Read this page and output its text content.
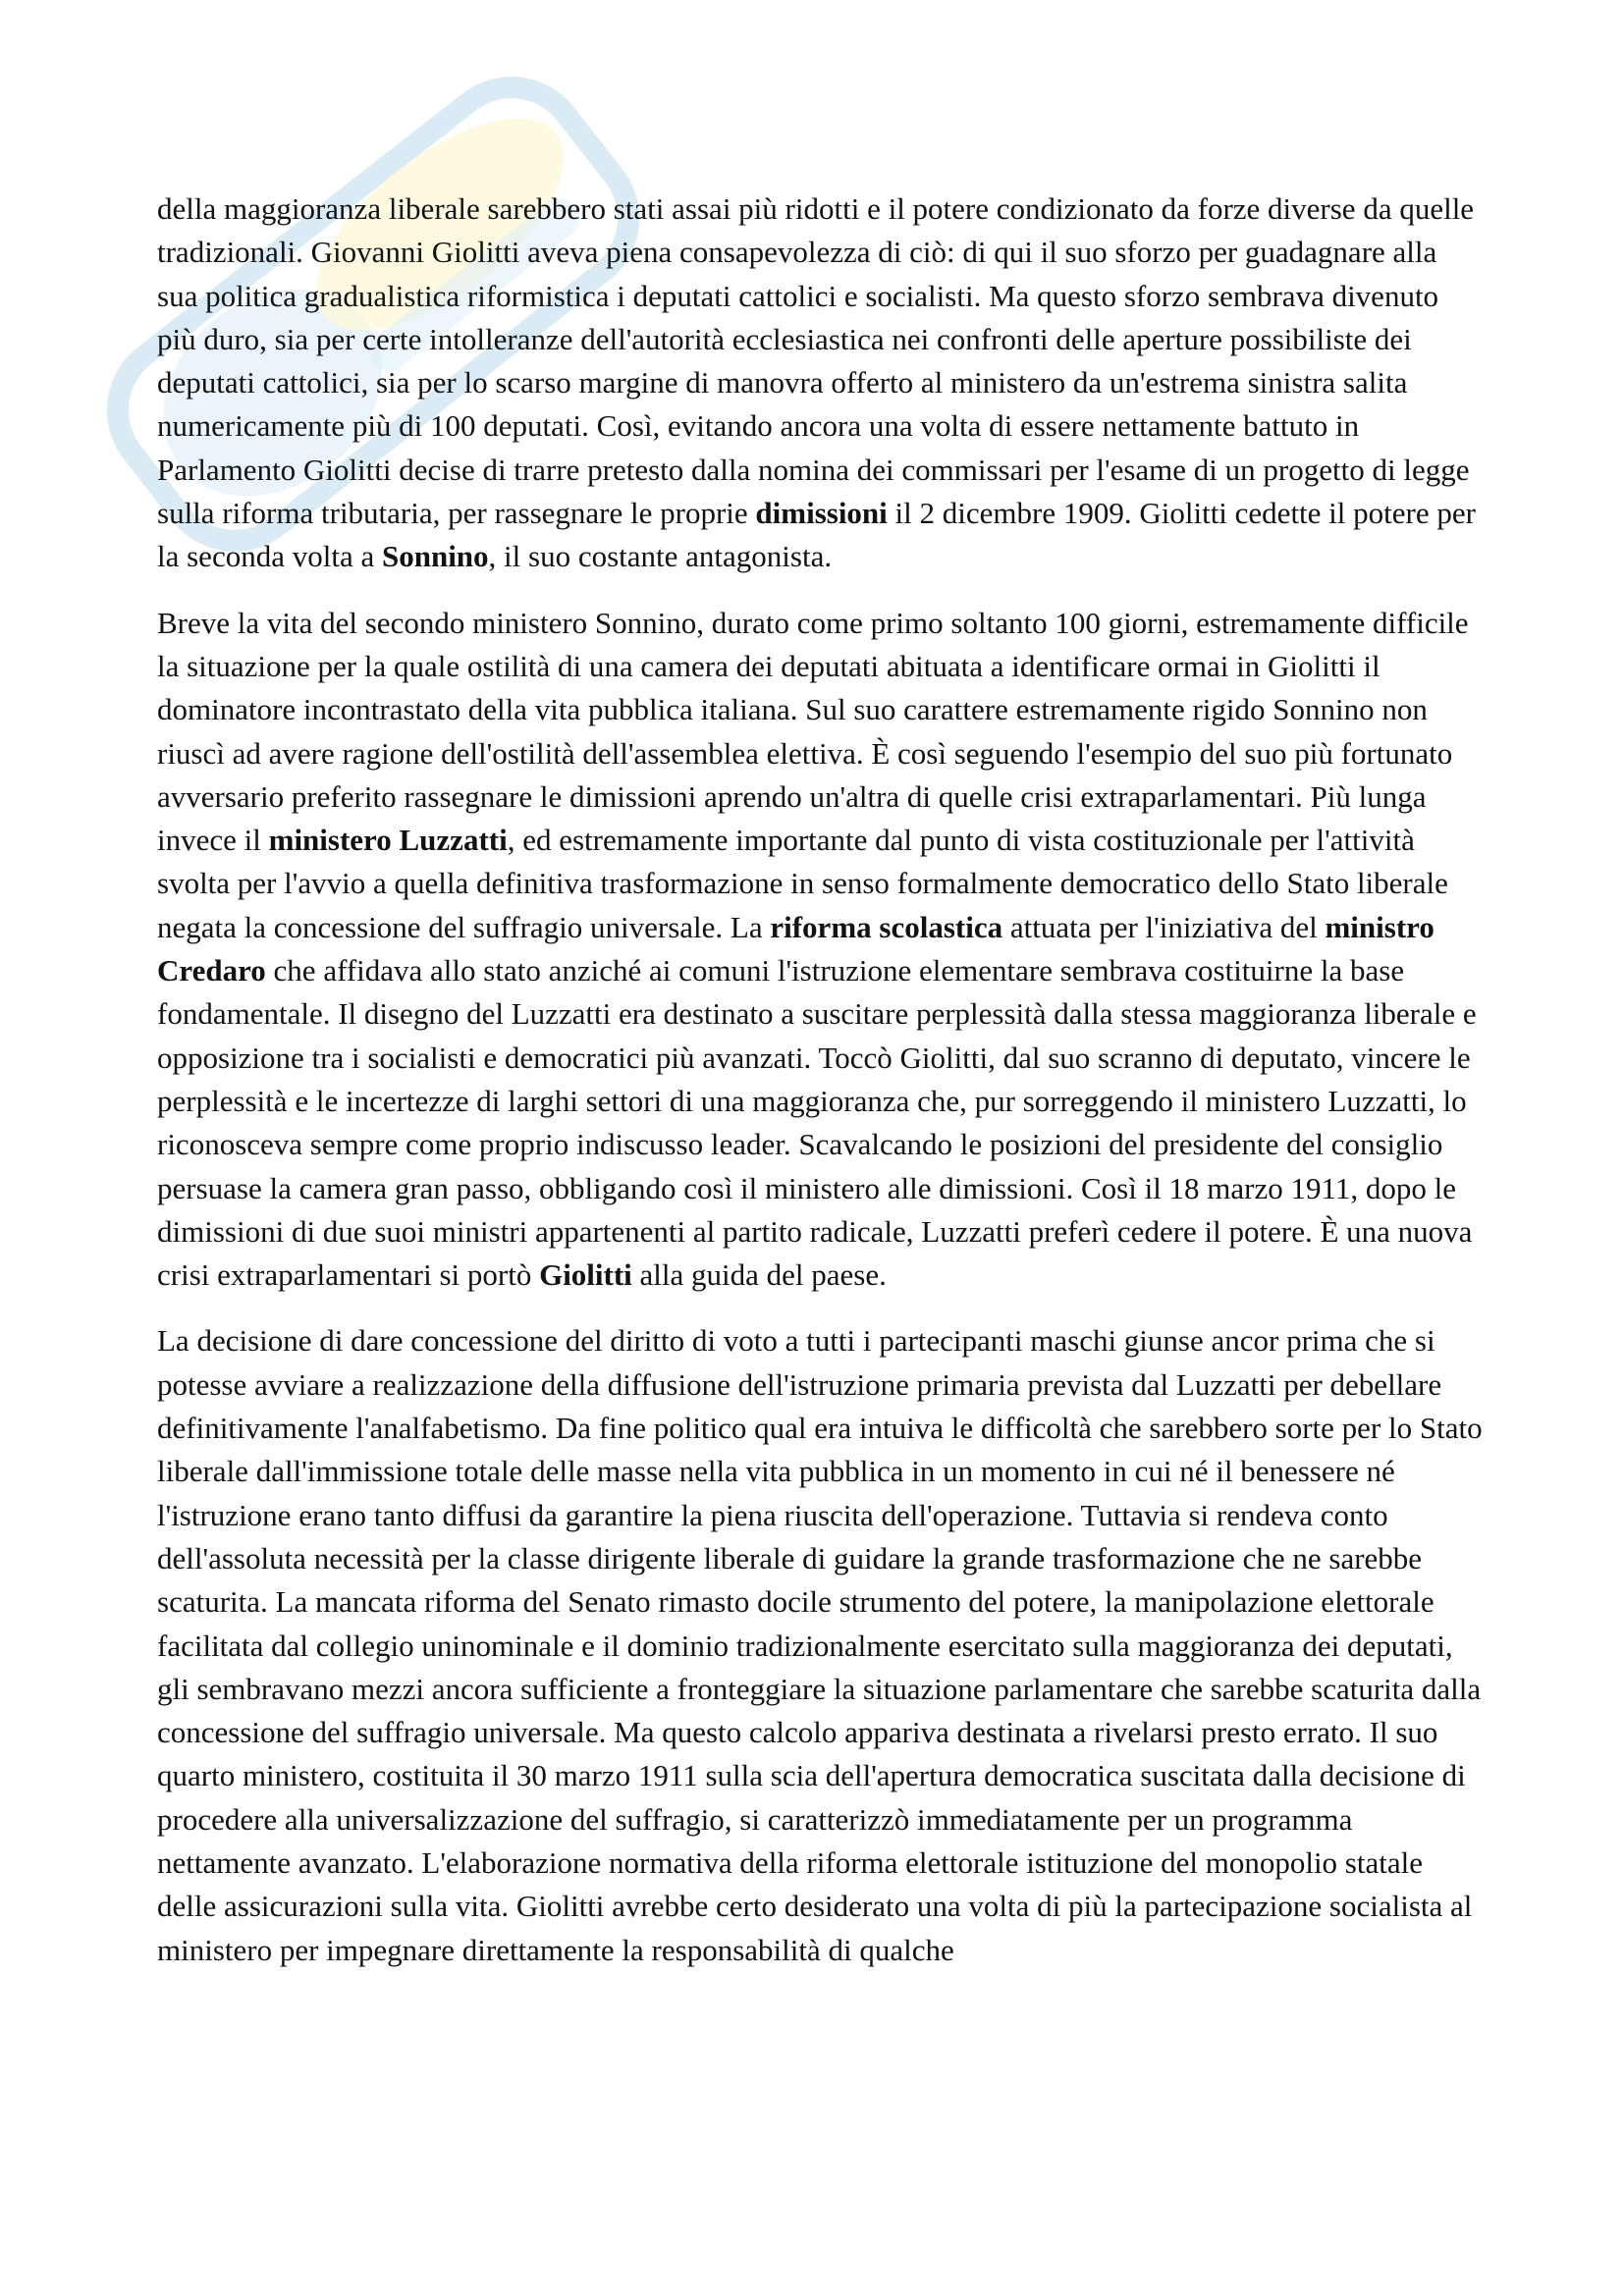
della maggioranza liberale sarebbero stati assai più ridotti e il potere condizionato da forze diverse da quelle tradizionali. Giovanni Giolitti aveva piena consapevolezza di ciò: di qui il suo sforzo per guadagnare alla sua politica gradualistica riformistica i deputati cattolici e socialisti. Ma questo sforzo sembrava divenuto più duro, sia per certe intolleranze dell'autorità ecclesiastica nei confronti delle aperture possibiliste dei deputati cattolici, sia per lo scarso margine di manovra offerto al ministero da un'estrema sinistra salita numericamente più di 100 deputati. Così, evitando ancora una volta di essere nettamente battuto in Parlamento Giolitti decise di trarre pretesto dalla nomina dei commissari per l'esame di un progetto di legge sulla riforma tributaria, per rassegnare le proprie dimissioni il 2 dicembre 1909. Giolitti cedette il potere per la seconda volta a Sonnino, il suo costante antagonista.

Breve la vita del secondo ministero Sonnino, durato come primo soltanto 100 giorni, estremamente difficile la situazione per la quale ostilità di una camera dei deputati abituata a identificare ormai in Giolitti il dominatore incontrastato della vita pubblica italiana. Sul suo carattere estremamente rigido Sonnino non riuscì ad avere ragione dell'ostilità dell'assemblea elettiva. È così seguendo l'esempio del suo più fortunato avversario preferito rassegnare le dimissioni aprendo un'altra di quelle crisi extraparlamentari. Più lunga invece il ministero Luzzatti, ed estremamente importante dal punto di vista costituzionale per l'attività svolta per l'avvio a quella definitiva trasformazione in senso formalmente democratico dello Stato liberale negata la concessione del suffragio universale. La riforma scolastica attuata per l'iniziativa del ministro Credaro che affidava allo stato anziché ai comuni l'istruzione elementare sembrava costituirne la base fondamentale. Il disegno del Luzzatti era destinato a suscitare perplessità dalla stessa maggioranza liberale e opposizione tra i socialisti e democratici più avanzati. Toccò Giolitti, dal suo scranno di deputato, vincere le perplessità e le incertezze di larghi settori di una maggioranza che, pur sorreggendo il ministero Luzzatti, lo riconosceva sempre come proprio indiscusso leader. Scavalcando le posizioni del presidente del consiglio persuase la camera gran passo, obbligando così il ministero alle dimissioni. Così il 18 marzo 1911, dopo le dimissioni di due suoi ministri appartenenti al partito radicale, Luzzatti preferì cedere il potere. È una nuova crisi extraparlamentari si portò Giolitti alla guida del paese.

La decisione di dare concessione del diritto di voto a tutti i partecipanti maschi giunse ancor prima che si potesse avviare a realizzazione della diffusione dell'istruzione primaria prevista dal Luzzatti per debellare definitivamente l'analfabetismo. Da fine politico qual era intuiva le difficoltà che sarebbero sorte per lo Stato liberale dall'immissione totale delle masse nella vita pubblica in un momento in cui né il benessere né l'istruzione erano tanto diffusi da garantire la piena riuscita dell'operazione. Tuttavia si rendeva conto dell'assoluta necessità per la classe dirigente liberale di guidare la grande trasformazione che ne sarebbe scaturita. La mancata riforma del Senato rimasto docile strumento del potere, la manipolazione elettorale facilitata dal collegio uninominale e il dominio tradizionalmente esercitato sulla maggioranza dei deputati, gli sembravano mezzi ancora sufficiente a fronteggiare la situazione parlamentare che sarebbe scaturita dalla concessione del suffragio universale. Ma questo calcolo appariva destinata a rivelarsi presto errato. Il suo quarto ministero, costituita il 30 marzo 1911 sulla scia dell'apertura democratica suscitata dalla decisione di procedere alla universalizzazione del suffragio, si caratterizzò immediatamente per un programma nettamente avanzato. L'elaborazione normativa della riforma elettorale istituzione del monopolio statale delle assicurazioni sulla vita. Giolitti avrebbe certo desiderato una volta di più la partecipazione socialista al ministero per impegnare direttamente la responsabilità di qualche
